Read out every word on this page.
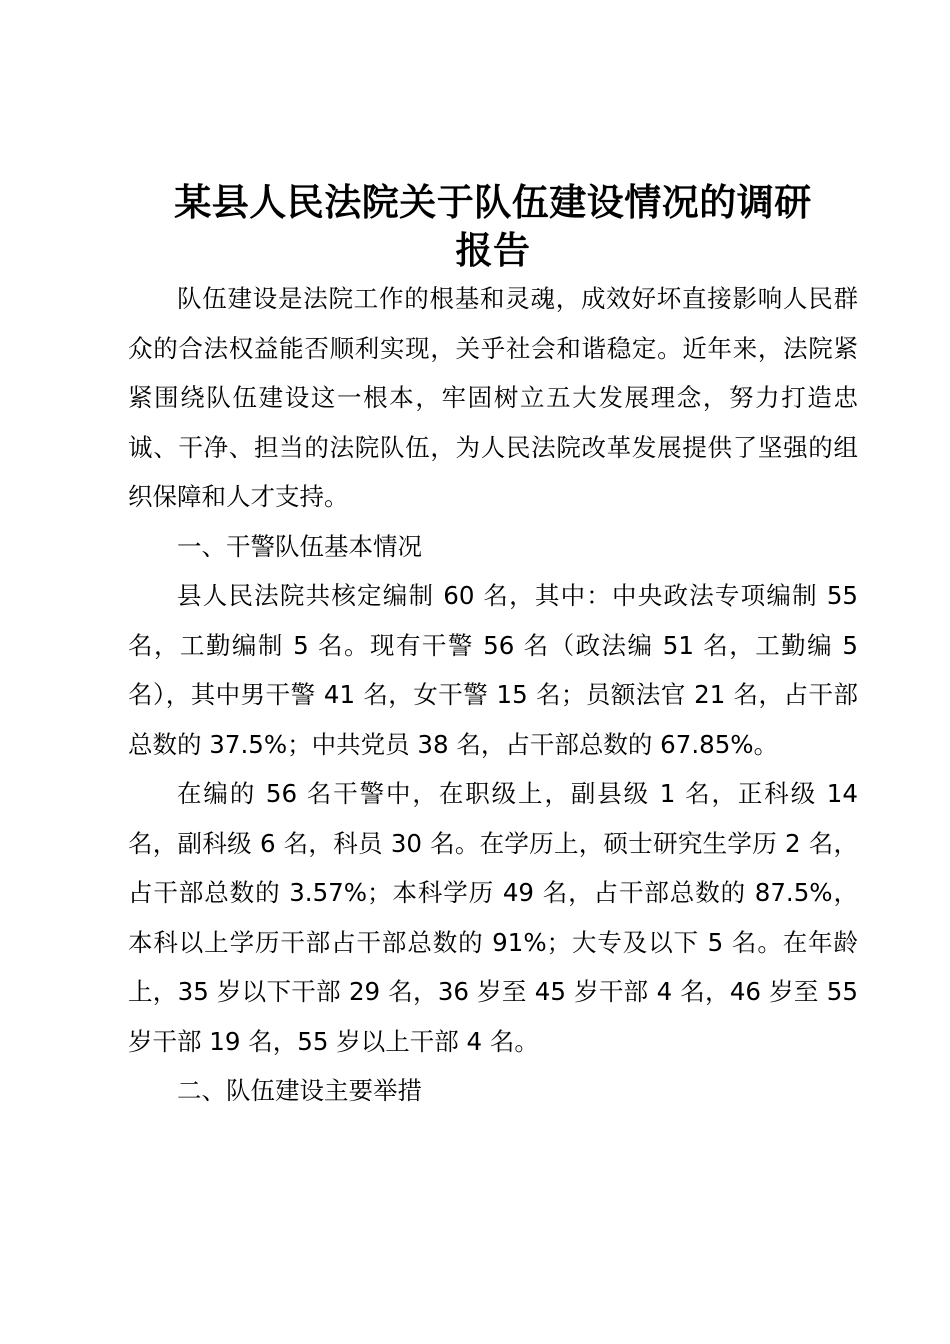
某县人民法院关于队伍建设情况的调研
报告

队伍建设是法院工作的根基和灵魂，成效好坏直接影响人民群众的合法权益能否顺利实现，关乎社会和谐稳定。近年来，法院紧紧围绕队伍建设这一根本，牢固树立五大发展理念，努力打造忠诚、干净、担当的法院队伍，为人民法院改革发展提供了坚强的组织保障和人才支持。

一、干警队伍基本情况

县人民法院共核定编制 60 名，其中：中央政法专项编制 55 名，工勤编制 5 名。现有干警 56 名（政法编 51 名，工勤编 5 名），其中男干警 41 名，女干警 15 名；员额法官 21 名，占干部总数的 37.5%；中共党员 38 名，占干部总数的 67.85%。

在编的 56 名干警中，在职级上，副县级 1 名，正科级 14 名，副科级 6 名，科员 30 名。在学历上，硕士研究生学历 2 名，占干部总数的 3.57%；本科学历 49 名，占干部总数的 87.5%，本科以上学历干部占干部总数的 91%；大专及以下 5 名。在年龄上，35 岁以下干部 29 名，36 岁至 45 岁干部 4 名，46 岁至 55 岁干部 19 名，55 岁以上干部 4 名。

二、队伍建设主要举措
